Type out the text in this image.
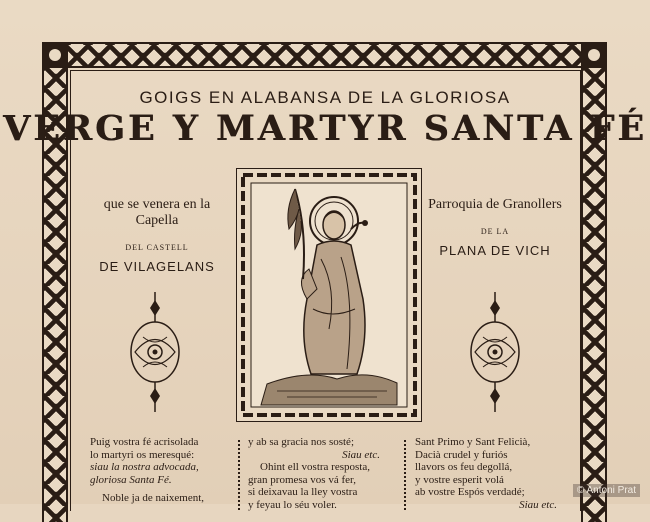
GOIGS EN ALABANSA DE LA GLORIOSA
VERGE Y MARTYR SANTA FÉ
que se venera en la Capella
DEL CASTELL
DE VILAGELANS
Parroquia de Granollers
DE LA
PLANA DE VICH
Puig vostra fé acrisolada
lo martyri os meresqué:
siau la nostra advocada,
gloriosa Santa Fé.
Noble ja de naixement,
y ab sa gracia nos sosté;
Siau etc.
Ohint ell vostra resposta,
gran promesa vos vá fer,
si deixavau la lley vostra
y feyau lo séu voler.
Sant Primo y Sant Felicià,
Dacià crudel y furiós
llavors os feu degollá,
y vostre esperit volá
ab vostre Espós verdadé;
Siau etc.
© Antoni Prat
